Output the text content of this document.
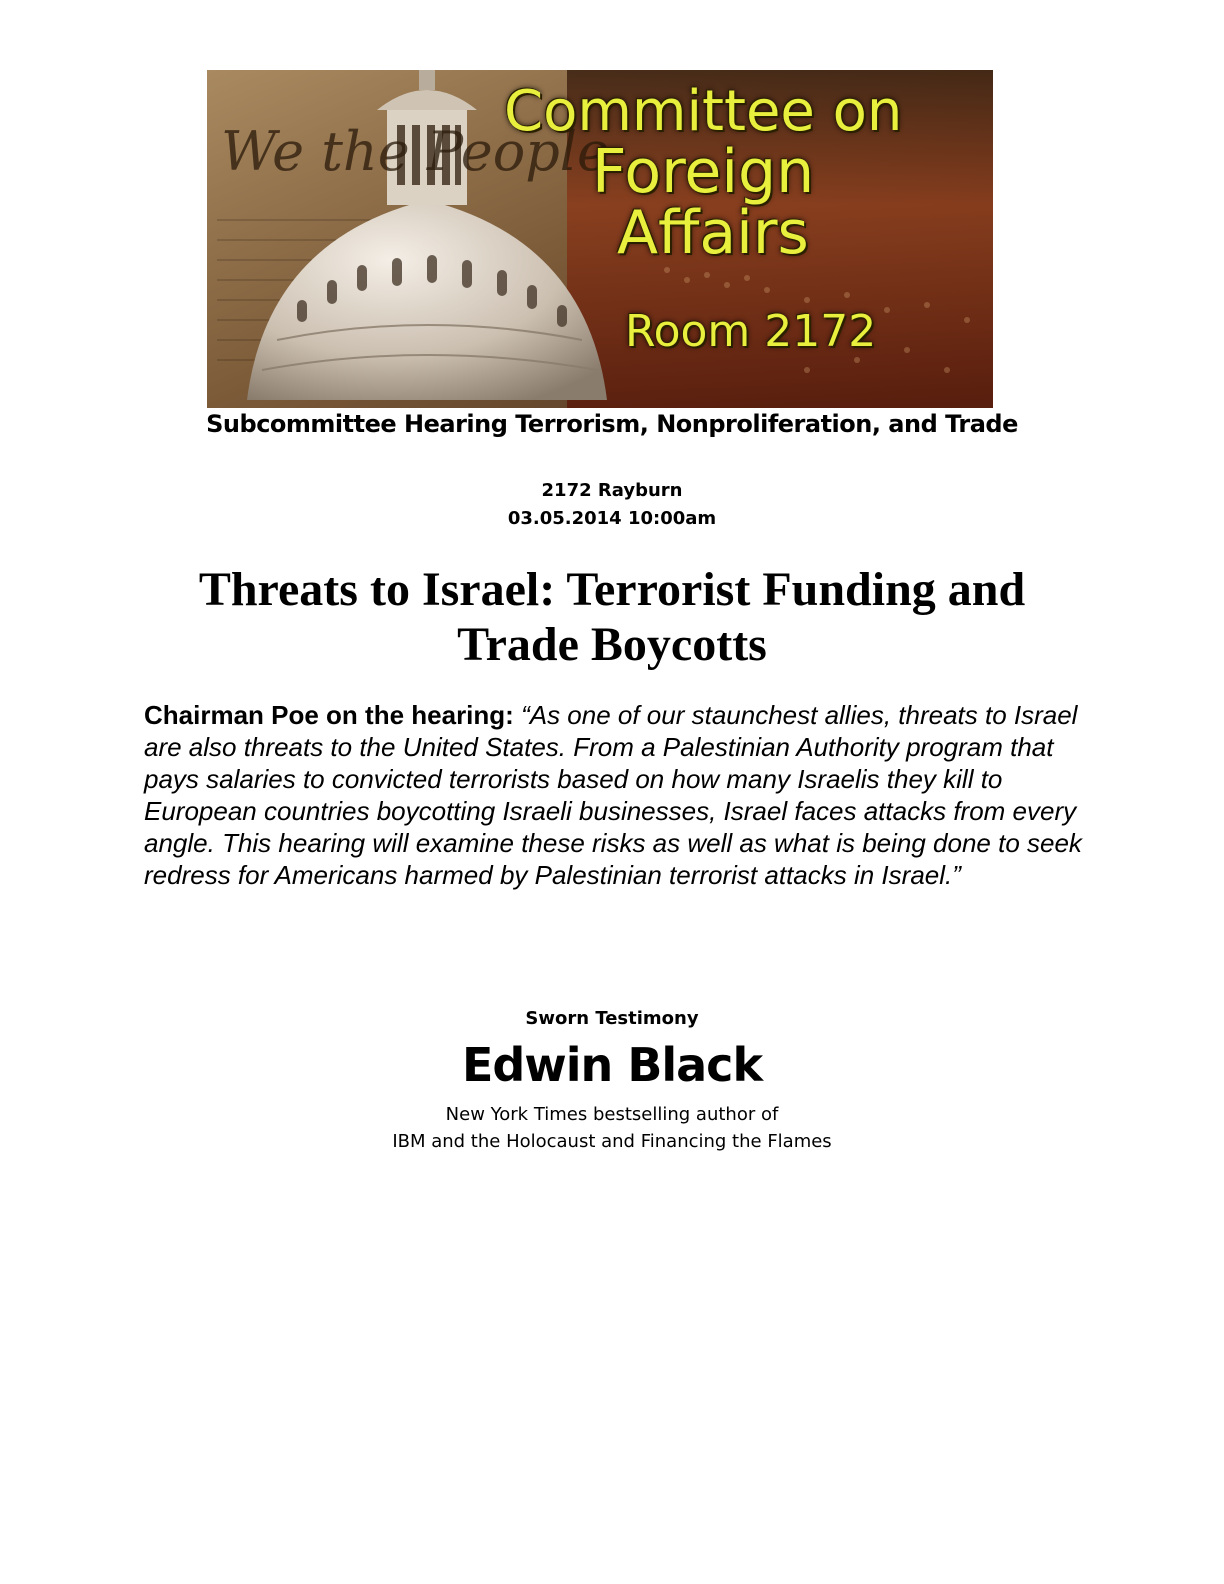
We the People
Committee on
Foreign
Affairs
Room 2172
Subcommittee Hearing Terrorism, Nonproliferation, and Trade
2172 Rayburn
03.05.2014 10:00am
Threats to Israel: Terrorist Funding and Trade Boycotts
Chairman Poe on the hearing: “As one of our staunchest allies, threats to Israel are also threats to the United States. From a Palestinian Authority program that pays salaries to convicted terrorists based on how many Israelis they kill to European countries boycotting Israeli businesses, Israel faces attacks from every angle. This hearing will examine these risks as well as what is being done to seek redress for Americans harmed by Palestinian terrorist attacks in Israel.”
Sworn Testimony
Edwin Black
New York Times bestselling author of
IBM and the Holocaust and Financing the Flames
